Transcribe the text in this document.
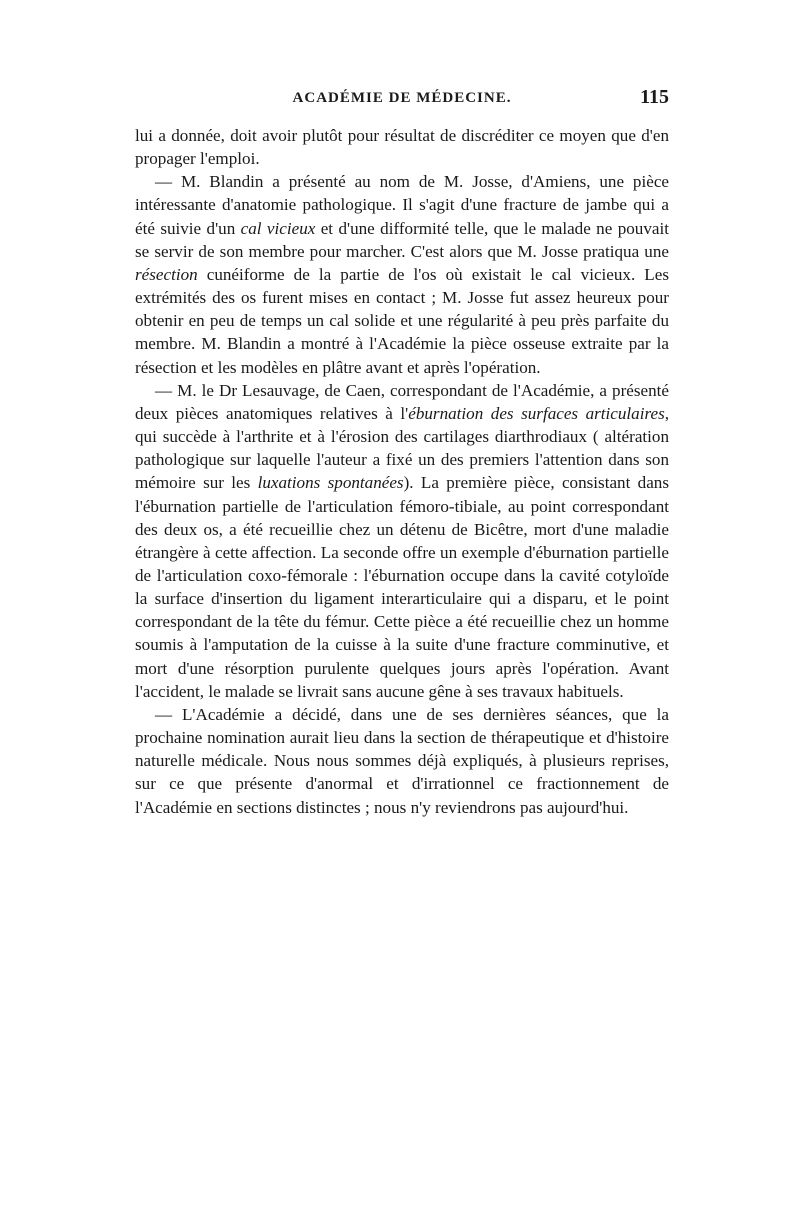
ACADÉMIE DE MÉDECINE.	115

lui a donnée, doit avoir plutôt pour résultat de discréditer ce moyen que d'en propager l'emploi.

— M. Blandin a présenté au nom de M. Josse, d'Amiens, une pièce intéressante d'anatomie pathologique. Il s'agit d'une fracture de jambe qui a été suivie d'un cal vicieux et d'une difformité telle, que le malade ne pouvait se servir de son membre pour marcher. C'est alors que M. Josse pratiqua une résection cunéiforme de la partie de l'os où existait le cal vicieux. Les extrémités des os furent mises en contact ; M. Josse fut assez heureux pour obtenir en peu de temps un cal solide et une régularité à peu près parfaite du membre. M. Blandin a montré à l'Académie la pièce osseuse extraite par la résection et les modèles en plâtre avant et après l'opération.

— M. le Dr Lesauvage, de Caen, correspondant de l'Académie, a présenté deux pièces anatomiques relatives à l'éburnation des surfaces articulaires, qui succède à l'arthrite et à l'érosion des cartilages diarthrodiaux ( altération pathologique sur laquelle l'auteur a fixé un des premiers l'attention dans son mémoire sur les luxations spontanées). La première pièce, consistant dans l'éburnation partielle de l'articulation fémoro-tibiale, au point correspondant des deux os, a été recueillie chez un détenu de Bicêtre, mort d'une maladie étrangère à cette affection. La seconde offre un exemple d'éburnation partielle de l'articulation coxo-fémorale : l'éburnation occupe dans la cavité cotyloïde la surface d'insertion du ligament interarticulaire qui a disparu, et le point correspondant de la tête du fémur. Cette pièce a été recueillie chez un homme soumis à l'amputation de la cuisse à la suite d'une fracture comminutive, et mort d'une résorption purulente quelques jours après l'opération. Avant l'accident, le malade se livrait sans aucune gêne à ses travaux habituels.

— L'Académie a décidé, dans une de ses dernières séances, que la prochaine nomination aurait lieu dans la section de thérapeutique et d'histoire naturelle médicale. Nous nous sommes déjà expliqués, à plusieurs reprises, sur ce que présente d'anormal et d'irrationnel ce fractionnement de l'Académie en sections distinctes ; nous n'y reviendrons pas aujourd'hui.
